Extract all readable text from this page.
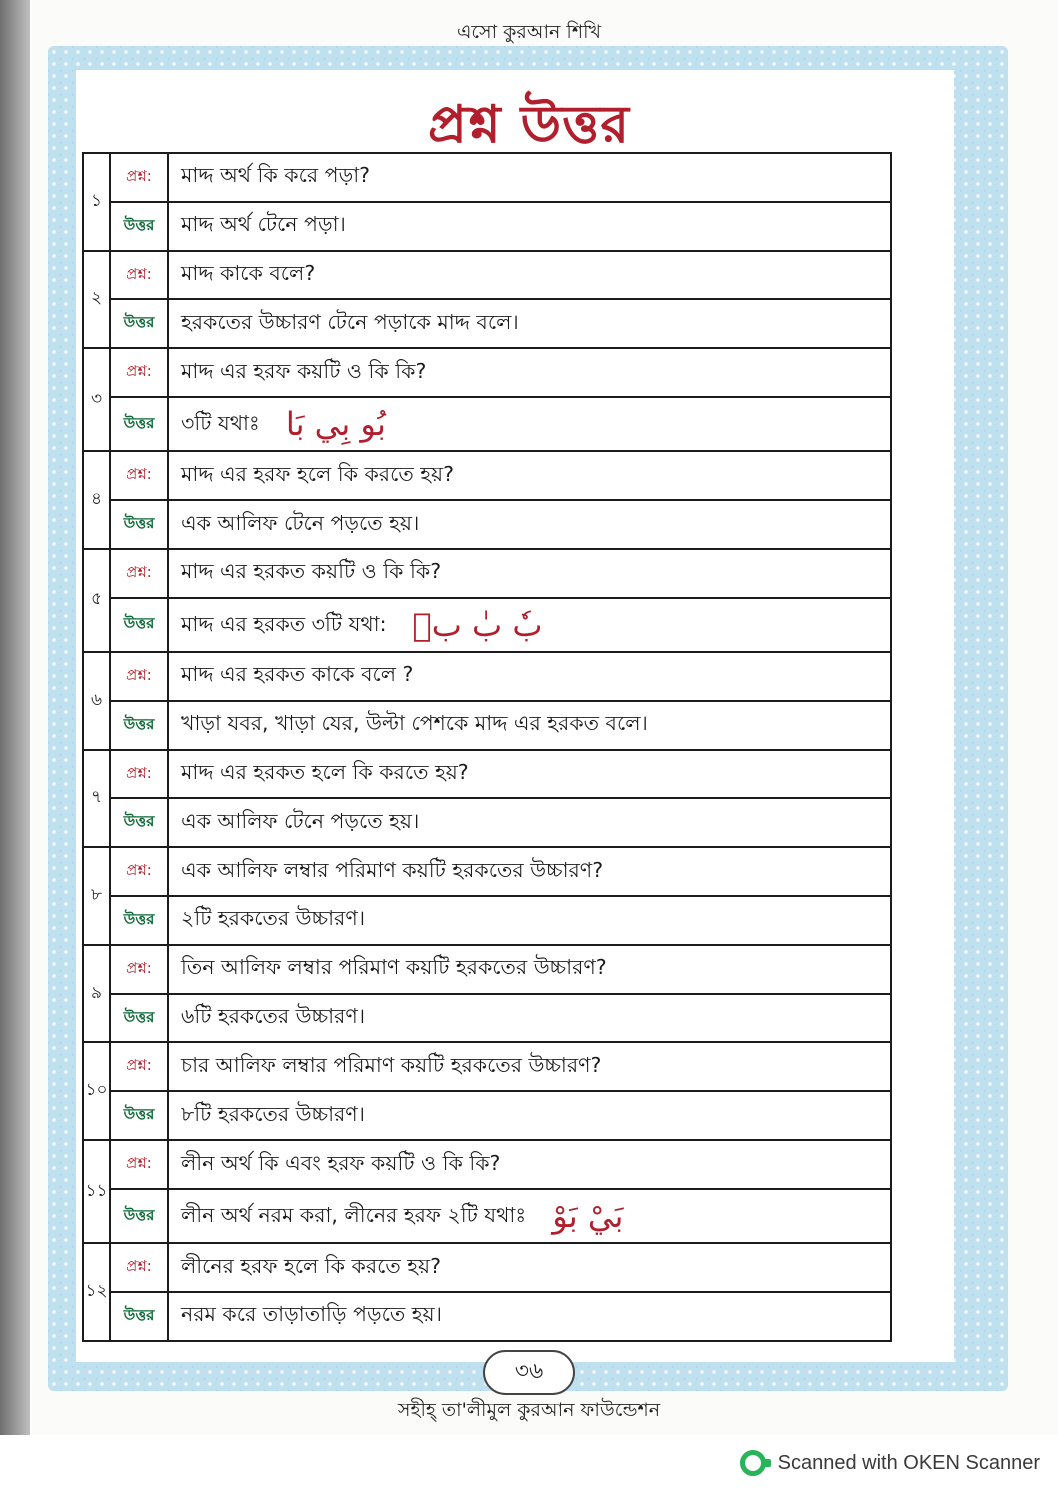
এসো কুরআন শিখি
প্রশ্ন উত্তর
১	প্রশ্ন:	মাদ্দ অর্থ কি করে পড়া?
	উত্তর	মাদ্দ অর্থ টেনে পড়া।
২	প্রশ্ন:	মাদ্দ কাকে বলে?
	উত্তর	হরকতের উচ্চারণ টেনে পড়াকে মাদ্দ বলে।
৩	প্রশ্ন:	মাদ্দ এর হরফ কয়টি ও কি কি?
	উত্তর	৩টি যথাঃ بُو بِي بَا
৪	প্রশ্ন:	মাদ্দ এর হরফ হলে কি করতে হয়?
	উত্তর	এক আলিফ টেনে পড়তে হয়।
৫	প্রশ্ন:	মাদ্দ এর হরকত কয়টি ও কি কি?
	উত্তর	মাদ্দ এর হরকত ৩টি যথা: بٗ بٰ بٖ
৬	প্রশ্ন:	মাদ্দ এর হরকত কাকে বলে ?
	উত্তর	খাড়া যবর, খাড়া যের, উল্টা পেশকে মাদ্দ এর হরকত বলে।
৭	প্রশ্ন:	মাদ্দ এর হরকত হলে কি করতে হয়?
	উত্তর	এক আলিফ টেনে পড়তে হয়।
৮	প্রশ্ন:	এক আলিফ লম্বার পরিমাণ কয়টি হরকতের উচ্চারণ?
	উত্তর	২টি হরকতের উচ্চারণ।
৯	প্রশ্ন:	তিন আলিফ লম্বার পরিমাণ কয়টি হরকতের উচ্চারণ?
	উত্তর	৬টি হরকতের উচ্চারণ।
১০	প্রশ্ন:	চার আলিফ লম্বার পরিমাণ কয়টি হরকতের উচ্চারণ?
	উত্তর	৮টি হরকতের উচ্চারণ।
১১	প্রশ্ন:	লীন অর্থ কি এবং হরফ কয়টি ও কি কি?
	উত্তর	লীন অর্থ নরম করা, লীনের হরফ ২টি যথাঃ بَيْ بَوْ
১২	প্রশ্ন:	লীনের হরফ হলে কি করতে হয়?
	উত্তর	নরম করে তাড়াতাড়ি পড়তে হয়।
৩৬
সহীহ্ তা'লীমুল কুরআন ফাউন্ডেশন
Scanned with OKEN Scanner
